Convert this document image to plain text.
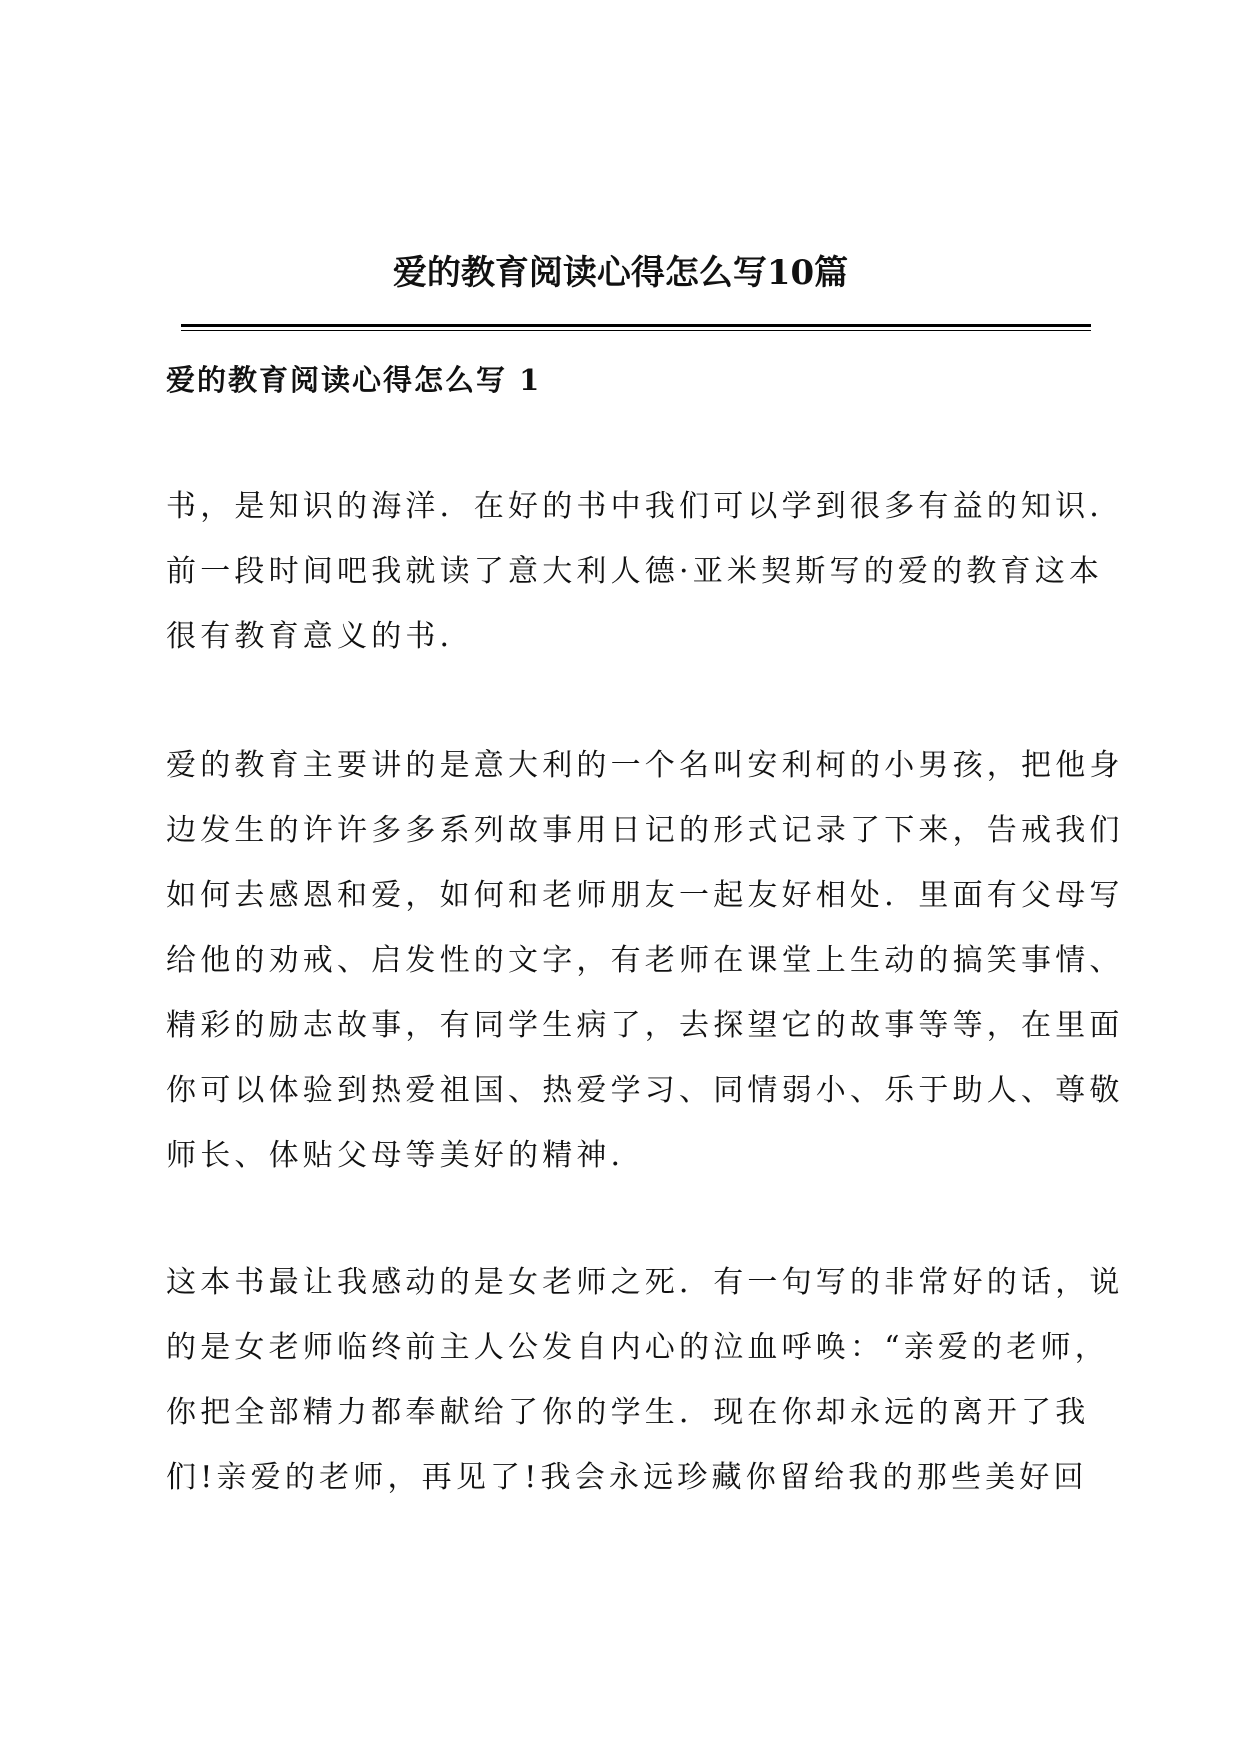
爱的教育阅读心得怎么写10篇
爱的教育阅读心得怎么写 1

书，是知识的海洋．在好的书中我们可以学到很多有益的知识．
前一段时间吧我就读了意大利人德·亚米契斯写的爱的教育这本
很有教育意义的书．

爱的教育主要讲的是意大利的一个名叫安利柯的小男孩，把他身
边发生的许许多多系列故事用日记的形式记录了下来，告戒我们
如何去感恩和爱，如何和老师朋友一起友好相处．里面有父母写
给他的劝戒、启发性的文字，有老师在课堂上生动的搞笑事情、
精彩的励志故事，有同学生病了，去探望它的故事等等，在里面
你可以体验到热爱祖国、热爱学习、同情弱小、乐于助人、尊敬
师长、体贴父母等美好的精神．

这本书最让我感动的是女老师之死．有一句写的非常好的话，说
的是女老师临终前主人公发自内心的泣血呼唤：“亲爱的老师，
你把全部精力都奉献给了你的学生．现在你却永远的离开了我
们!亲爱的老师，再见了!我会永远珍藏你留给我的那些美好回
